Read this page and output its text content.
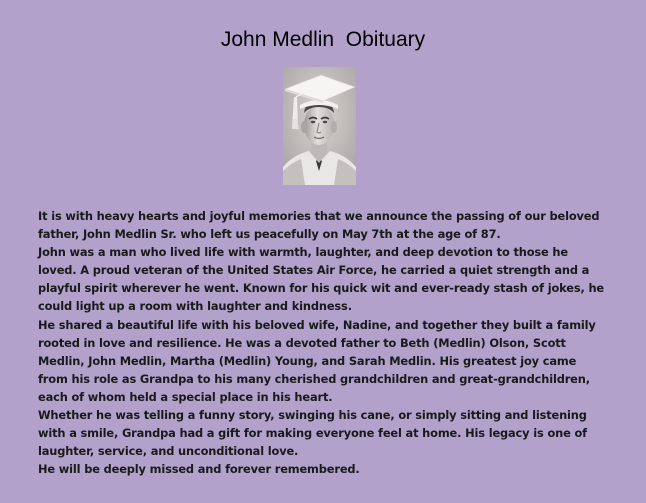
John Medlin  Obituary

It is with heavy hearts and joyful memories that we announce the passing of our beloved father, John Medlin Sr. who left us peacefully on May 7th at the age of 87.

John was a man who lived life with warmth, laughter, and deep devotion to those he loved. A proud veteran of the United States Air Force, he carried a quiet strength and a playful spirit wherever he went. Known for his quick wit and ever-ready stash of jokes, he could light up a room with laughter and kindness.

He shared a beautiful life with his beloved wife, Nadine, and together they built a family rooted in love and resilience. He was a devoted father to Beth (Medlin) Olson, Scott Medlin, John Medlin, Martha (Medlin) Young, and Sarah Medlin. His greatest joy came from his role as Grandpa to his many cherished grandchildren and great-grandchildren, each of whom held a special place in his heart.

Whether he was telling a funny story, swinging his cane, or simply sitting and listening with a smile, Grandpa had a gift for making everyone feel at home. His legacy is one of laughter, service, and unconditional love.

He will be deeply missed and forever remembered.
